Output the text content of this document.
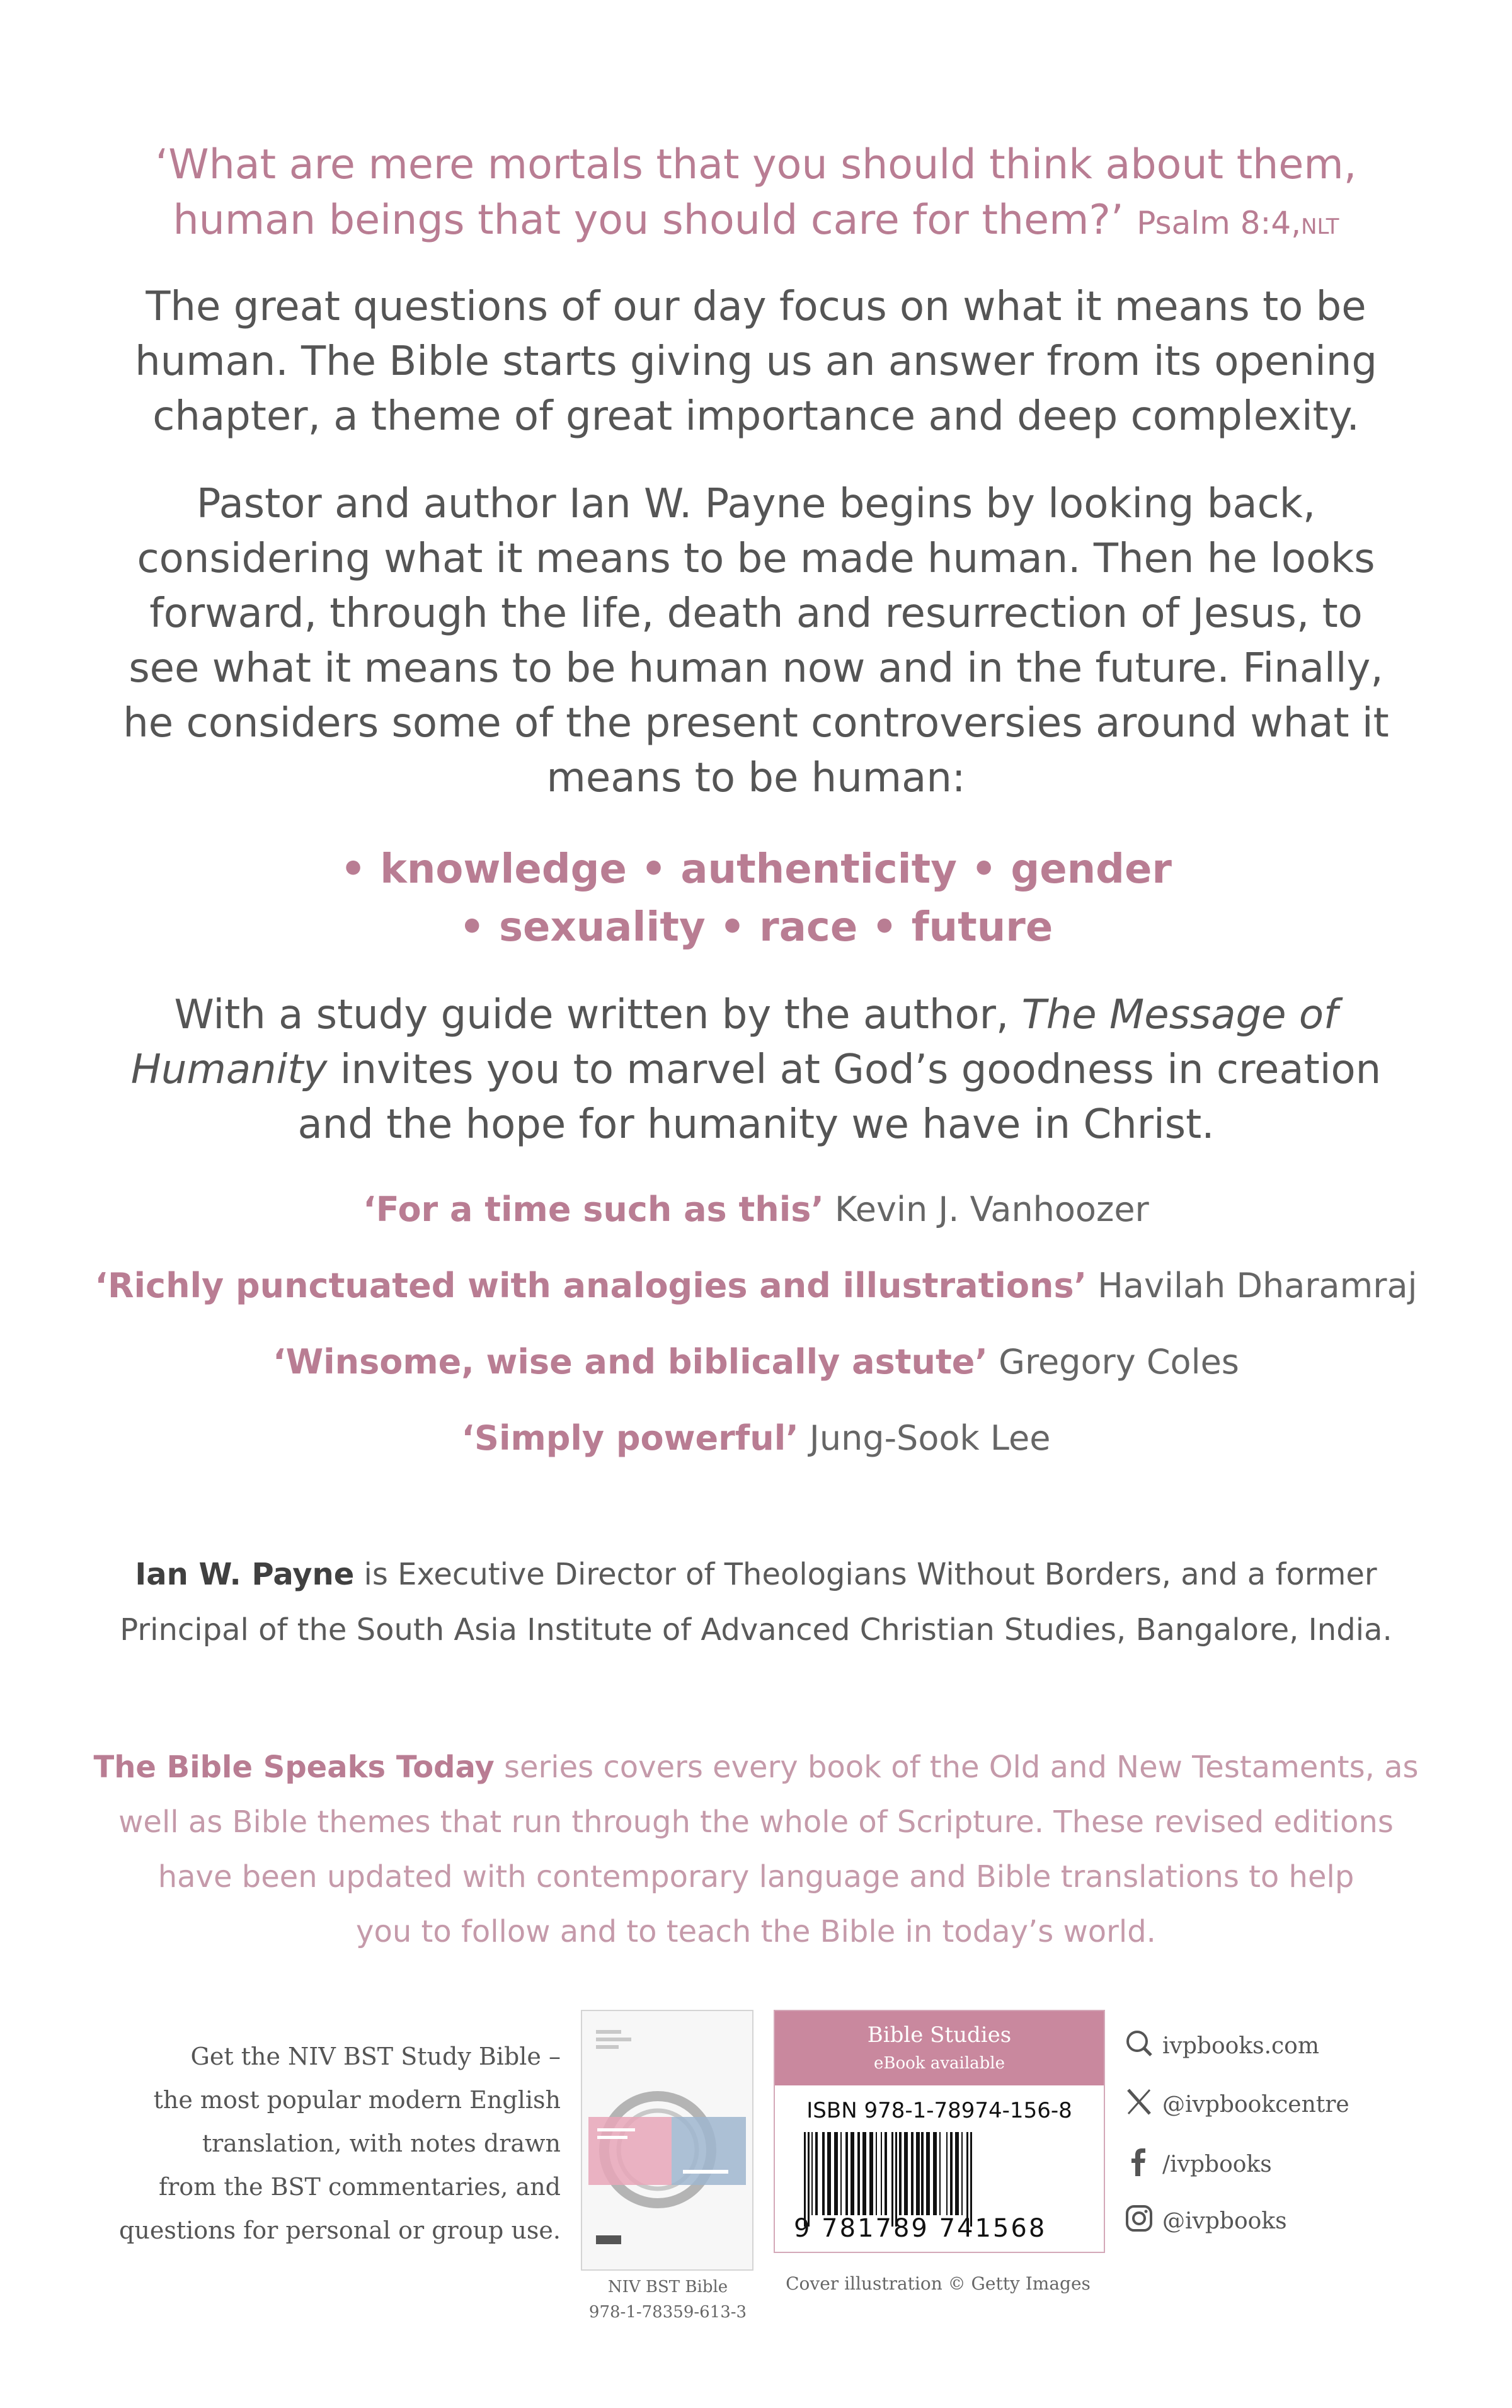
‘What are mere mortals that you should think about them,
human beings that you should care for them?’ Psalm 8:4,NLT
The great questions of our day focus on what it means to be
human. The Bible starts giving us an answer from its opening
chapter, a theme of great importance and deep complexity.
Pastor and author Ian W. Payne begins by looking back,
considering what it means to be made human. Then he looks
forward, through the life, death and resurrection of Jesus, to
see what it means to be human now and in the future. Finally,
he considers some of the present controversies around what it
means to be human:
• knowledge • authenticity • gender
• sexuality • race • future
With a study guide written by the author, The Message of
Humanity invites you to marvel at God’s goodness in creation
and the hope for humanity we have in Christ.
‘For a time such as this’ Kevin J. Vanhoozer
‘Richly punctuated with analogies and illustrations’ Havilah Dharamraj
‘Winsome, wise and biblically astute’ Gregory Coles
‘Simply powerful’ Jung-Sook Lee
Ian W. Payne is Executive Director of Theologians Without Borders, and a former
Principal of the South Asia Institute of Advanced Christian Studies, Bangalore, India.
The Bible Speaks Today series covers every book of the Old and New Testaments, as
well as Bible themes that run through the whole of Scripture. These revised editions
have been updated with contemporary language and Bible translations to help
you to follow and to teach the Bible in today’s world.
Get the NIV BST Study Bible –
the most popular modern English
translation, with notes drawn
from the BST commentaries, and
questions for personal or group use.
NIV BST Bible
978-1-78359-613-3
Bible Studies
eBook available
ISBN 978-1-78974-156-8
9 781789 741568
Cover illustration © Getty Images
ivpbooks.com
@ivpbookcentre
/ivpbooks
@ivpbooks
